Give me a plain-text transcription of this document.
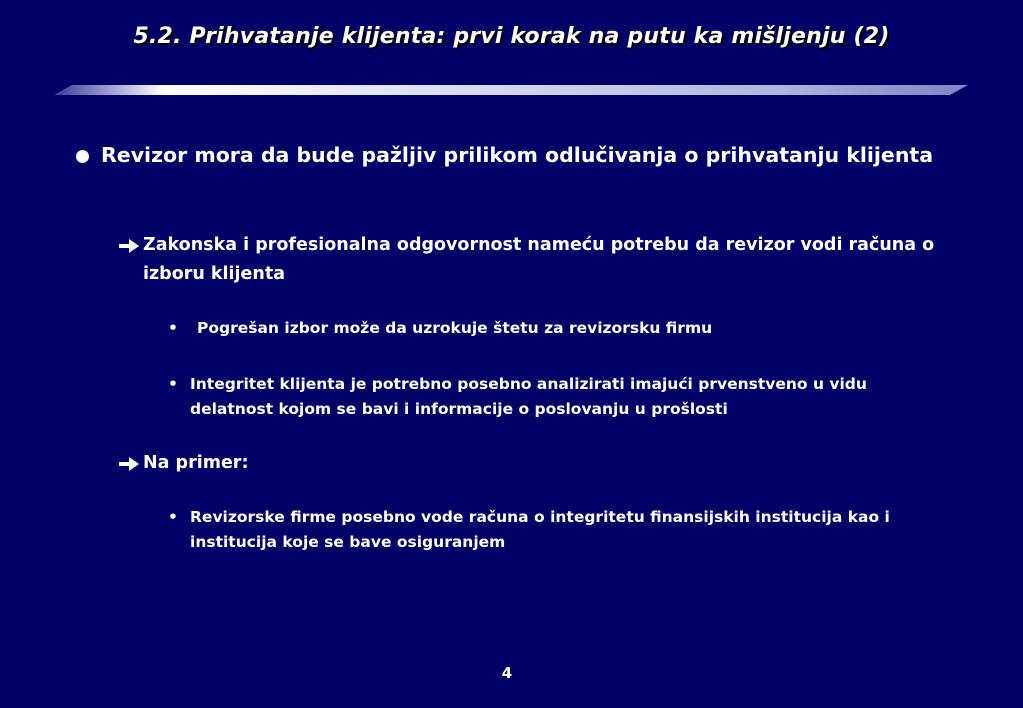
5.2. Prihvatanje klijenta: prvi korak na putu ka mišljenju (2)
Revizor mora da bude pažljiv prilikom odlučivanja o prihvatanju klijenta
Zakonska i profesionalna odgovornost nameću potrebu da revizor vodi računa o izboru klijenta
• Pogrešan izbor može da uzrokuje štetu za revizorsku firmu
• Integritet klijenta je potrebno posebno analizirati imajući prvenstveno u vidu delatnost kojom se bavi i informacije o poslovanju u prošlosti
Na primer:
• Revizorske firme posebno vode računa o integritetu finansijskih institucija kao i institucija koje se bave osiguranjem
4
